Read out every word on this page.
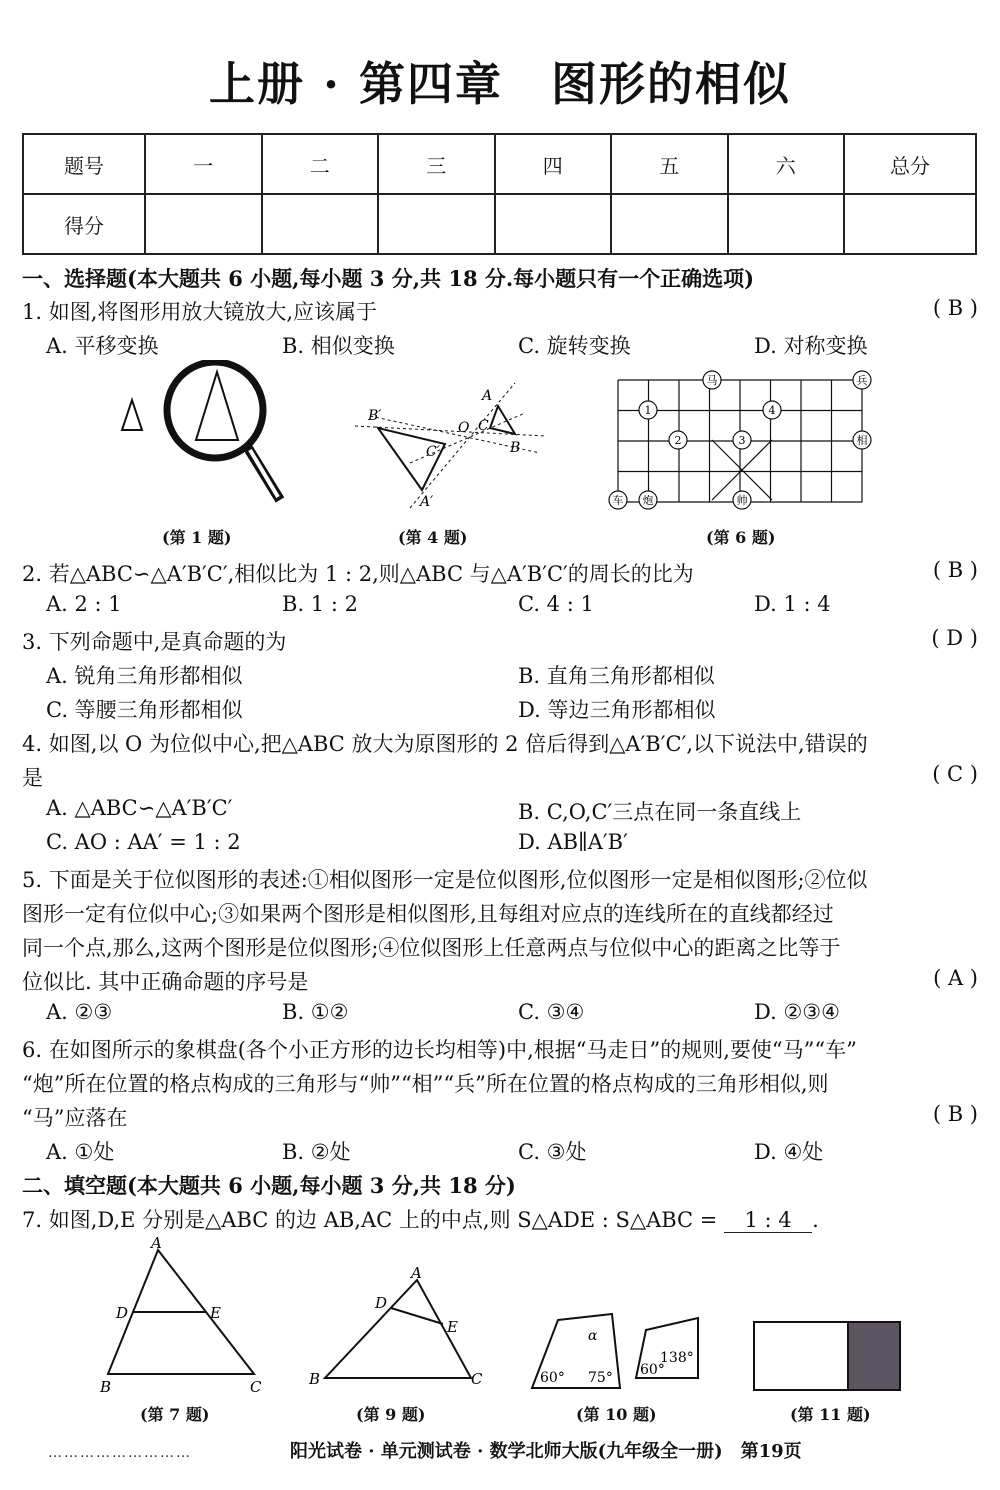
上册 · 第四章　图形的相似
题号	一	二	三	四	五	六	总分
得分							
一、选择题(本大题共 6 小题,每小题 3 分,共 18 分.每小题只有一个正确选项)
1. 如图,将图形用放大镜放大,应该属于	( B )
A. 平移变换	B. 相似变换	C. 旋转变换	D. 对称变换
(第 1 题)
A
B
C
O
A′
B′
C′
(第 4 题)
马	兵
相
车 炮	帅
1
2	3
4
(第 6 题)
2. 若△ABC∽△A′B′C′,相似比为 1 : 2,则△ABC 与△A′B′C′的周长的比为	( B )
A. 2 : 1	B. 1 : 2	C. 4 : 1	D. 1 : 4
3. 下列命题中,是真命题的为	( D )
A. 锐角三角形都相似	B. 直角三角形都相似
C. 等腰三角形都相似	D. 等边三角形都相似
4. 如图,以 O 为位似中心,把△ABC 放大为原图形的 2 倍后得到△A′B′C′,以下说法中,错误的
是	( C )
A. △ABC∽△A′B′C′	B. C,O,C′三点在同一条直线上
C. AO : AA′ = 1 : 2	D. AB∥A′B′
5. 下面是关于位似图形的表述:①相似图形一定是位似图形,位似图形一定是相似图形;②位似
图形一定有位似中心;③如果两个图形是相似图形,且每组对应点的连线所在的直线都经过
同一个点,那么,这两个图形是位似图形;④位似图形上任意两点与位似中心的距离之比等于
位似比. 其中正确命题的序号是	( A )
A. ②③	B. ①②	C. ③④	D. ②③④
6. 在如图所示的象棋盘(各个小正方形的边长均相等)中,根据“马走日”的规则,要使“马”“车”
“炮”所在位置的格点构成的三角形与“帅”“相”“兵”所在位置的格点构成的三角形相似,则
“马”应落在	( B )
A. ①处	B. ②处	C. ③处	D. ④处
二、填空题(本大题共 6 小题,每小题 3 分,共 18 分)
7. 如图,D,E 分别是△ABC 的边 AB,AC 上的中点,则 S△ADE : S△ABC = 1 : 4 .
A
B	C
D	E
(第 7 题)
A
B	C
D
E
(第 9 题)
α
60° 75°
138°
60°
(第 10 题)	(第 11 题)
………………………	阳光试卷 · 单元测试卷 · 数学北师大版(九年级全一册)　第19页
